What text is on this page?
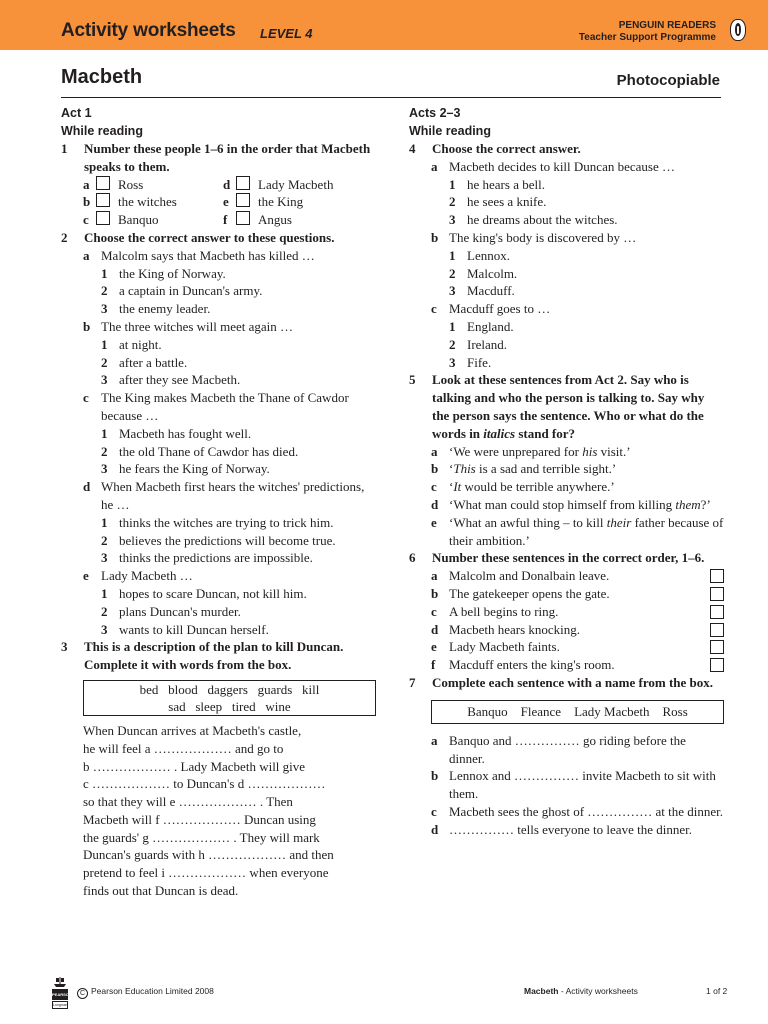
Activity worksheets LEVEL 4
PENGUIN READERS
Teacher Support Programme
Macbeth	Photocopiable
Act 1
While reading
1 Number these people 1–6 in the order that Macbeth speaks to them.
a	Ross	d	Lady Macbeth
b	the witches	e	the King
c	Banquo	f	Angus
2 Choose the correct answer to these questions.
a Malcolm says that Macbeth has killed …
1 the King of Norway.
2 a captain in Duncan's army.
3 the enemy leader.
b The three witches will meet again …
1 at night.
2 after a battle.
3 after they see Macbeth.
c The King makes Macbeth the Thane of Cawdor because …
1 Macbeth has fought well.
2 the old Thane of Cawdor has died.
3 he fears the King of Norway.
d When Macbeth first hears the witches' predictions, he …
1 thinks the witches are trying to trick him.
2 believes the predictions will become true.
3 thinks the predictions are impossible.
e Lady Macbeth …
1 hopes to scare Duncan, not kill him.
2 plans Duncan's murder.
3 wants to kill Duncan herself.
3 This is a description of the plan to kill Duncan. Complete it with words from the box.
bed   blood   daggers   guards   kill
sad   sleep   tired   wine
When Duncan arrives at Macbeth's castle,
he will feel a ……………… and go to
b ……………… . Lady Macbeth will give
c ……………… to Duncan's d ………………
so that they will e ……………… . Then
Macbeth will f ……………… Duncan using
the guards' g ……………… . They will mark
Duncan's guards with h ……………… and then
pretend to feel i ……………… when everyone
finds out that Duncan is dead.
Acts 2–3
While reading
4 Choose the correct answer.
a Macbeth decides to kill Duncan because …
1 he hears a bell.
2 he sees a knife.
3 he dreams about the witches.
b The king's body is discovered by …
1 Lennox.
2 Malcolm.
3 Macduff.
c Macduff goes to …
1 England.
2 Ireland.
3 Fife.
5 Look at these sentences from Act 2. Say who is talking and who the person is talking to. Say why the person says the sentence. Who or what do the words in italics stand for?
a ‘We were unprepared for his visit.’
b ‘This is a sad and terrible sight.’
c ‘It would be terrible anywhere.’
d ‘What man could stop himself from killing them?’
e ‘What an awful thing – to kill their father because of their ambition.’
6 Number these sentences in the correct order, 1–6.
a Malcolm and Donalbain leave.
b The gatekeeper opens the gate.
c A bell begins to ring.
d Macbeth hears knocking.
e Lady Macbeth faints.
f Macduff enters the king's room.
7 Complete each sentence with a name from the box.
Banquo    Fleance    Lady Macbeth    Ross
a Banquo and …………… go riding before the dinner.
b Lennox and …………… invite Macbeth to sit with them.
c Macbeth sees the ghost of …………… at the dinner.
d …………… tells everyone to leave the dinner.
PEARSON
Longman
C Pearson Education Limited 2008	Macbeth - Activity worksheets	1 of 2
